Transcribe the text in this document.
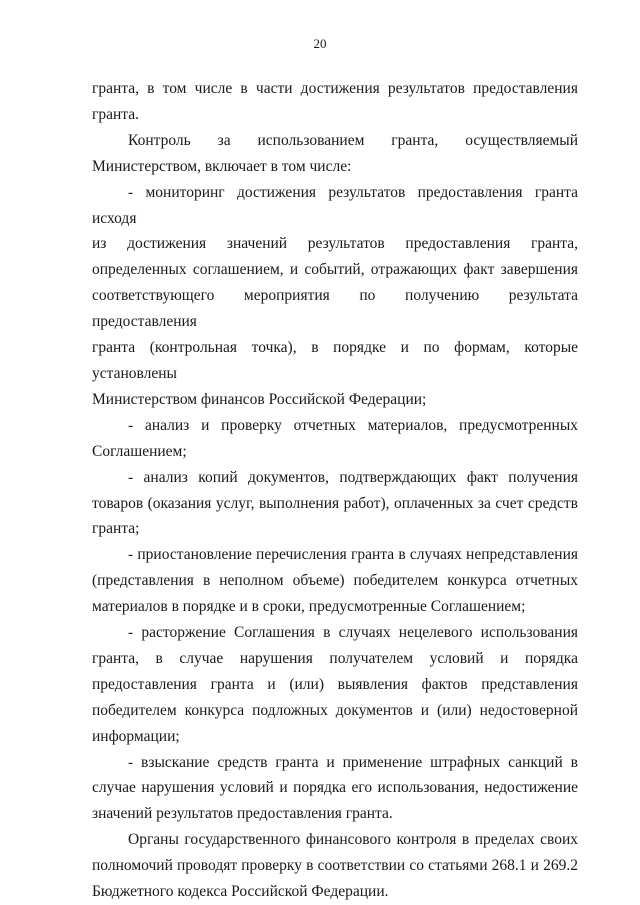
20

гранта, в том числе в части достижения результатов предоставления
гранта.

Контроль за использованием гранта, осуществляемый
Министерством, включает в том числе:

- мониторинг достижения результатов предоставления гранта исходя
из достижения значений результатов предоставления гранта,
определенных соглашением, и событий, отражающих факт завершения
соответствующего мероприятия по получению результата предоставления
гранта (контрольная точка), в порядке и по формам, которые установлены
Министерством финансов Российской Федерации;

- анализ и проверку отчетных материалов, предусмотренных
Соглашением;

- анализ копий документов, подтверждающих факт получения
товаров (оказания услуг, выполнения работ), оплаченных за счет средств
гранта;

- приостановление перечисления гранта в случаях непредставления
(представления в неполном объеме) победителем конкурса отчетных
материалов в порядке и в сроки, предусмотренные Соглашением;

- расторжение Соглашения в случаях нецелевого использования
гранта, в случае нарушения получателем условий и порядка
предоставления гранта и (или) выявления фактов представления
победителем конкурса подложных документов и (или) недостоверной
информации;

- взыскание средств гранта и применение штрафных санкций в
случае нарушения условий и порядка его использования, недостижение
значений результатов предоставления гранта.

Органы государственного финансового контроля в пределах своих
полномочий проводят проверку в соответствии со статьями 268.1 и 269.2
Бюджетного кодекса Российской Федерации.
